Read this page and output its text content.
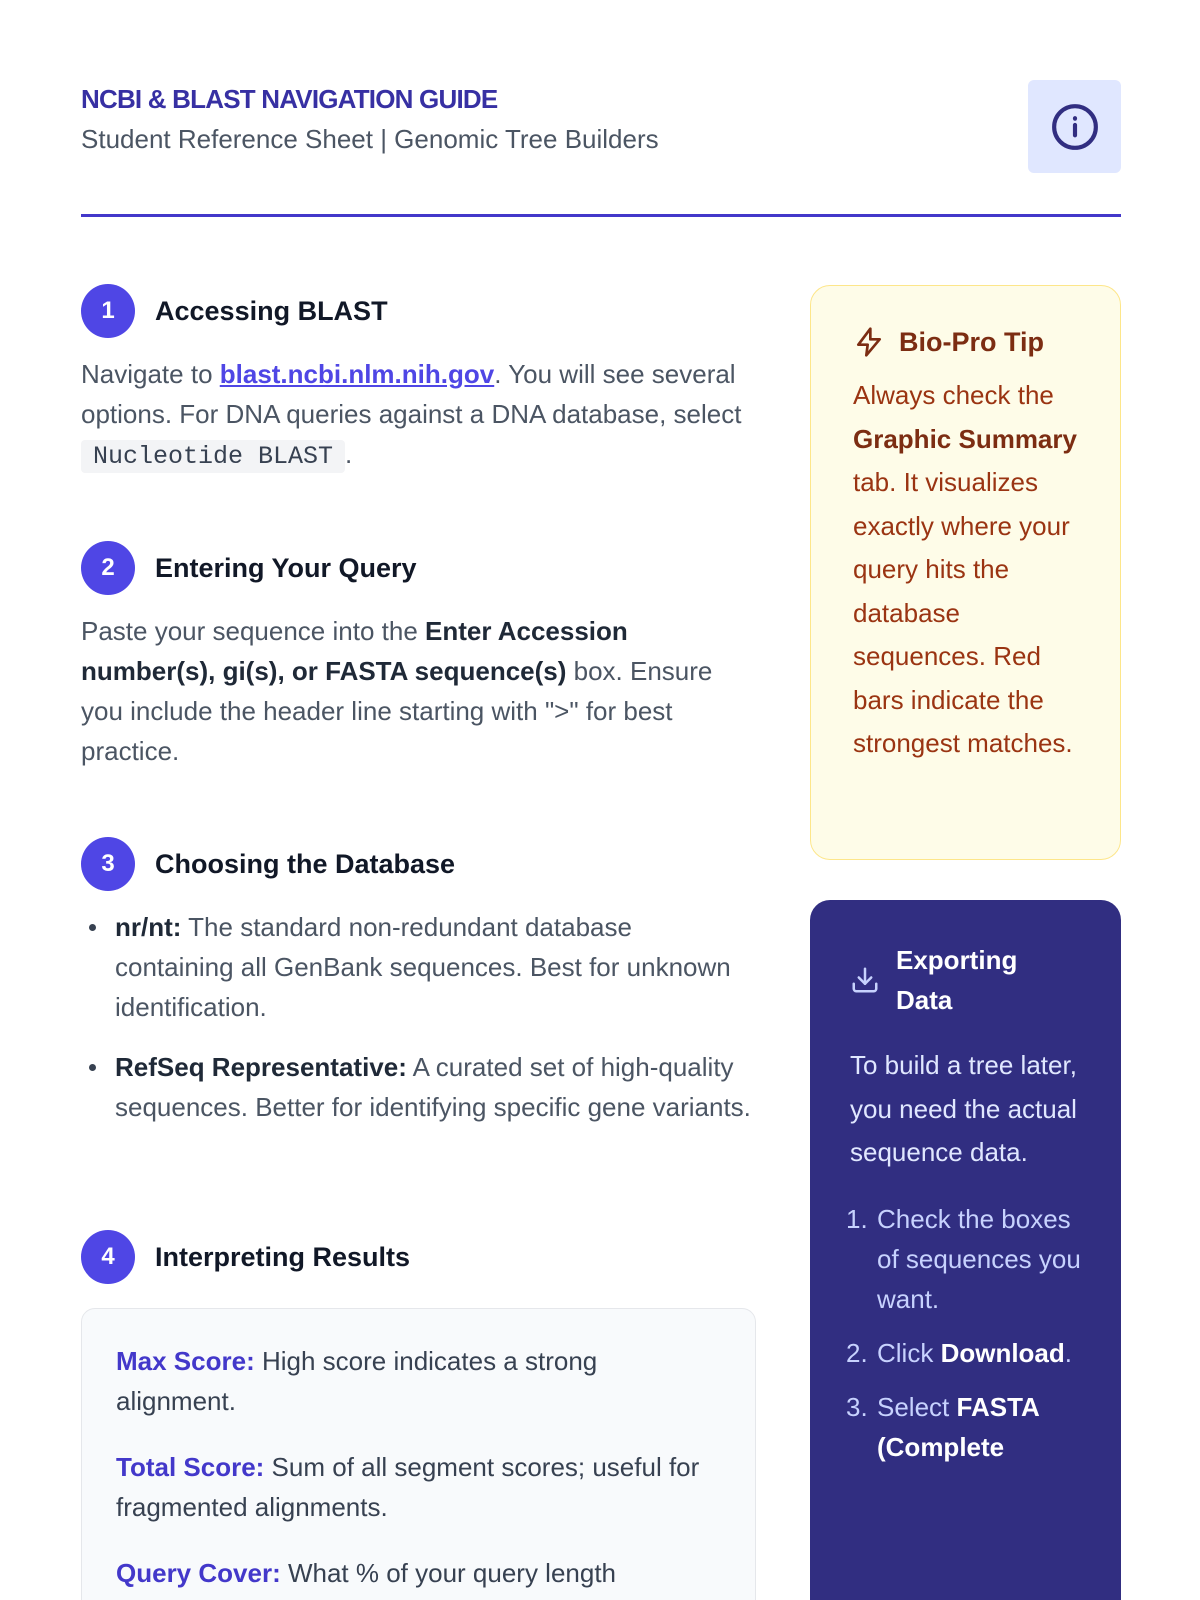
NCBI & BLAST NAVIGATION GUIDE
Student Reference Sheet | Genomic Tree Builders
1	Accessing BLAST

Navigate to blast.ncbi.nlm.nih.gov. You will see several options. For DNA queries against a DNA database, select Nucleotide BLAST .

2	Entering Your Query

Paste your sequence into the Enter Accession number(s), gi(s), or FASTA sequence(s) box. Ensure you include the header line starting with ">" for best practice.

3	Choosing the Database
nr/nt: The standard non-redundant database containing all GenBank sequences. Best for unknown identification.
RefSeq Representative: A curated set of high-quality sequences. Better for identifying specific gene variants.
4	Interpreting Results

Max Score: High score indicates a strong alignment.

Total Score: Sum of all segment scores; useful for fragmented alignments.

Query Cover: What % of your query length

Bio-Pro Tip

Always check the Graphic Summary tab. It visualizes exactly where your query hits the database sequences. Red bars indicate the strongest matches.

Exporting Data

To build a tree later, you need the actual sequence data.

1. Check the boxes of sequences you want.
2. Click Download.
3. Select FASTA (Complete
